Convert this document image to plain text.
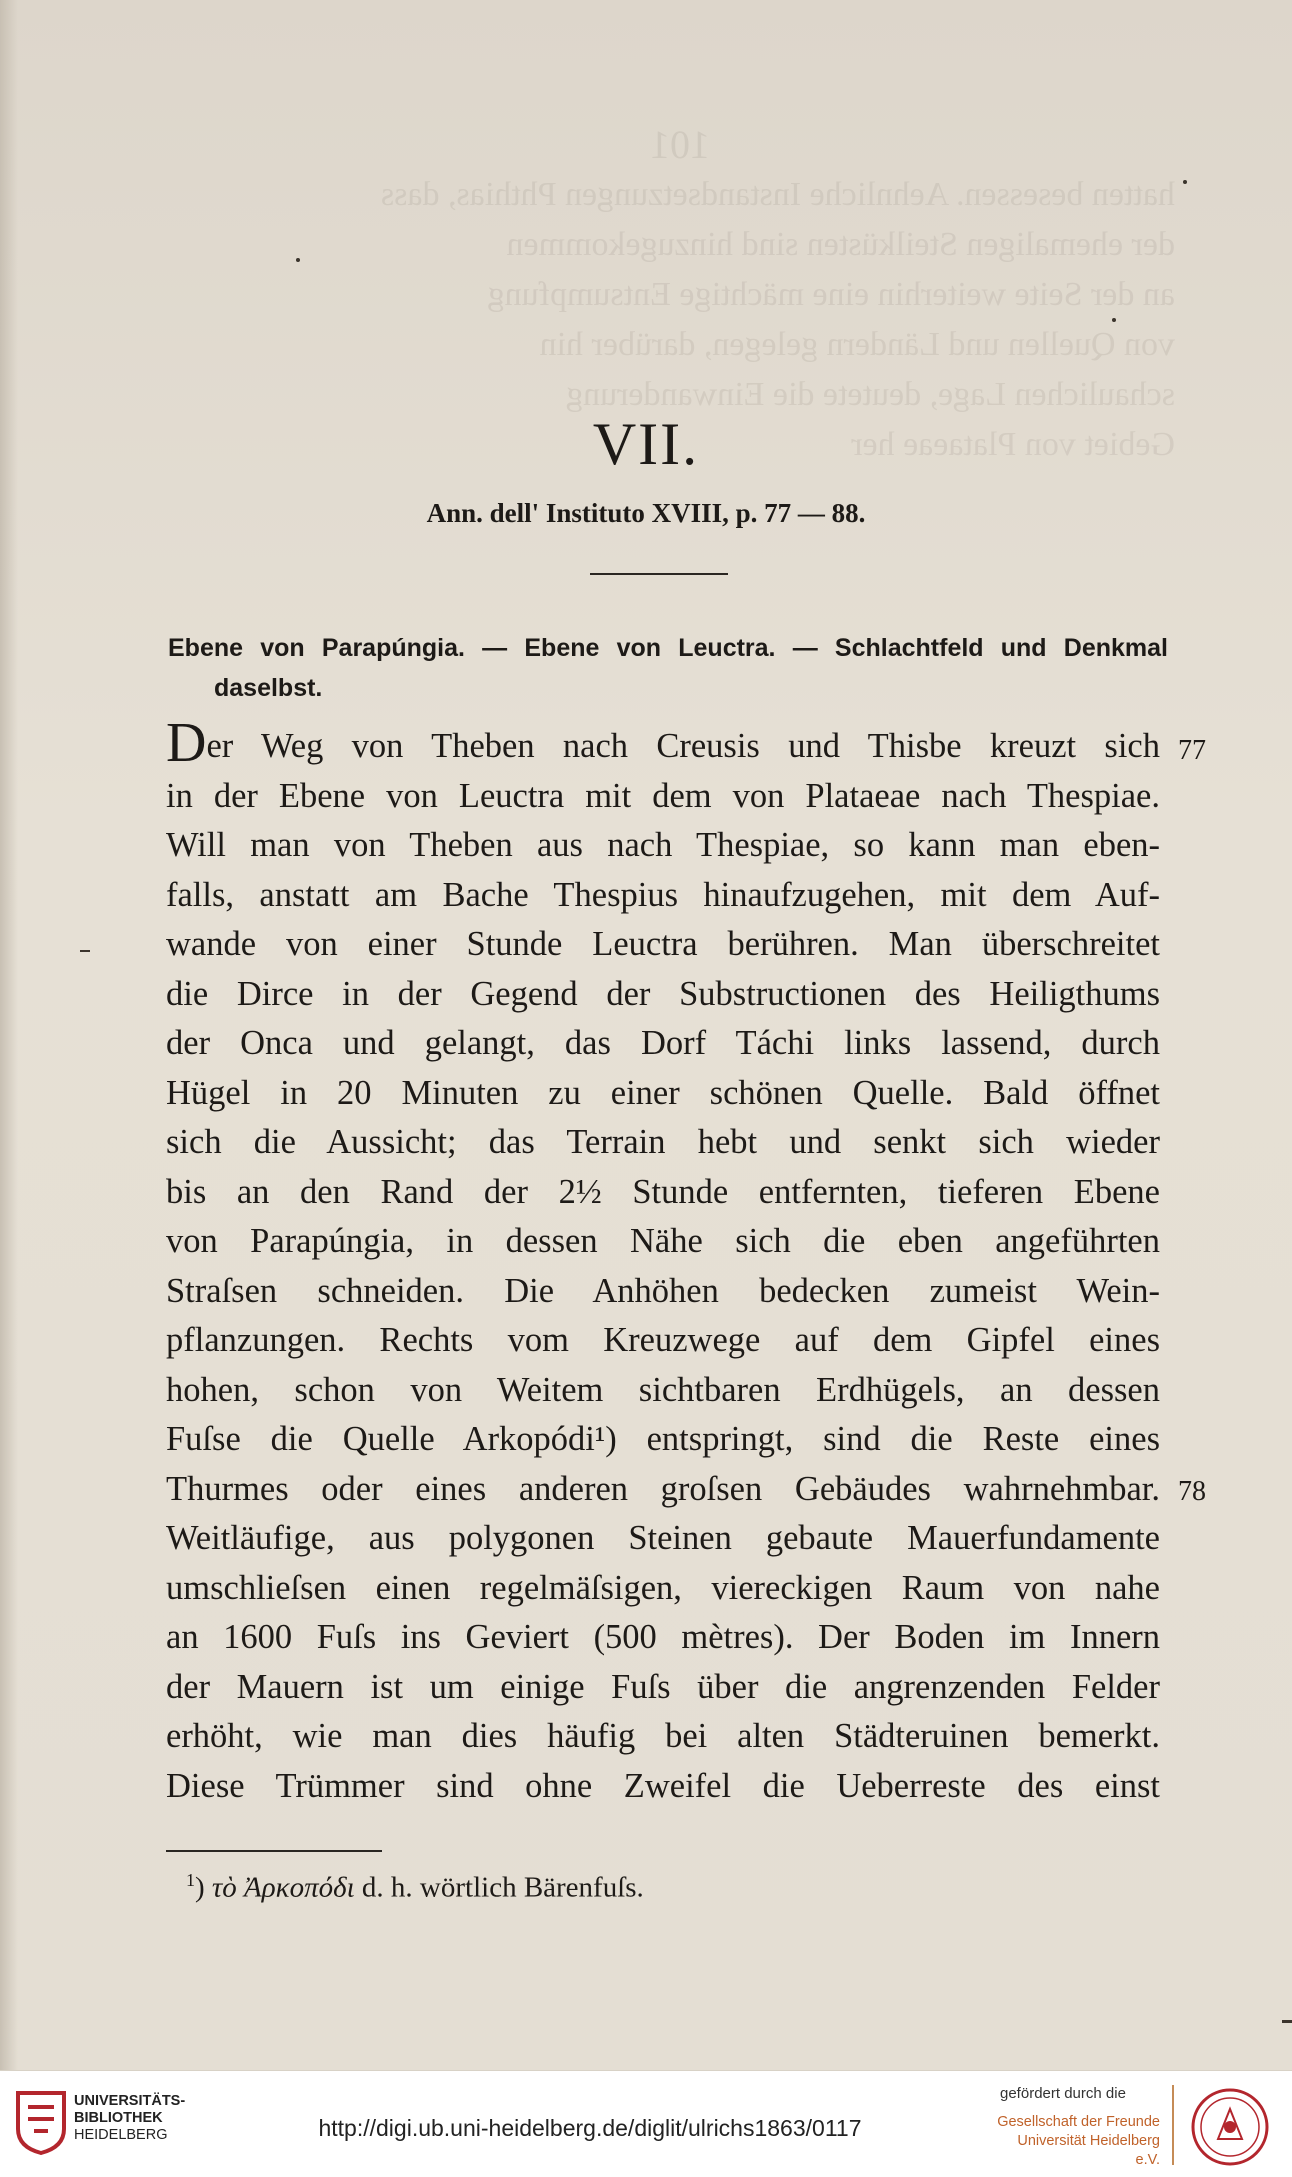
101
hatten besessen. Aehnliche Instandsetzungen Phthias, dass
der ehemaligen Steilküsten sind hinzugekommen
an der Seite weiterhin eine mächtige Entsumpfung
von Quellen und Ländern gelegen, darüber hin
schaulichen Lage, deutete die Einwanderung
Gebiet von Plataeae her
VII.
Ann. dell' Instituto XVIII, p. 77 — 88.
Ebene von Parapúngia. — Ebene von Leuctra. — Schlachtfeld und Denkmal
daselbst.
Der Weg von Theben nach Creusis und Thisbe kreuzt sich
in der Ebene von Leuctra mit dem von Plataeae nach Thespiae.
Will man von Theben aus nach Thespiae, so kann man eben-
falls, anstatt am Bache Thespius hinaufzugehen, mit dem Auf-
wande von einer Stunde Leuctra berühren. Man überschreitet
die Dirce in der Gegend der Substructionen des Heiligthums
der Onca und gelangt, das Dorf Táchi links lassend, durch
Hügel in 20 Minuten zu einer schönen Quelle. Bald öffnet
sich die Aussicht; das Terrain hebt und senkt sich wieder
bis an den Rand der 2½ Stunde entfernten, tieferen Ebene
von Parapúngia, in dessen Nähe sich die eben angeführten
Straſsen schneiden. Die Anhöhen bedecken zumeist Wein-
pflanzungen. Rechts vom Kreuzwege auf dem Gipfel eines
hohen, schon von Weitem sichtbaren Erdhügels, an dessen
Fuſse die Quelle Arkopódi¹) entspringt, sind die Reste eines
Thurmes oder eines anderen groſsen Gebäudes wahrnehmbar.
Weitläufige, aus polygonen Steinen gebaute Mauerfundamente
umschlieſsen einen regelmäſsigen, viereckigen Raum von nahe
an 1600 Fuſs ins Geviert (500 mètres). Der Boden im Innern
der Mauern ist um einige Fuſs über die angrenzenden Felder
erhöht, wie man dies häufig bei alten Städteruinen bemerkt.
Diese Trümmer sind ohne Zweifel die Ueberreste des einst
77
78
$^1$) τὸ Ἀρκοπόδι d. h. wörtlich Bärenfuſs.
UNIVERSITÄTS-
BIBLIOTHEK
HEIDELBERG	http://digi.ub.uni-heidelberg.de/diglit/ulrichs1863/0117
gefördert durch die
Gesellschaft der Freunde
Universität Heidelberg e.V.
